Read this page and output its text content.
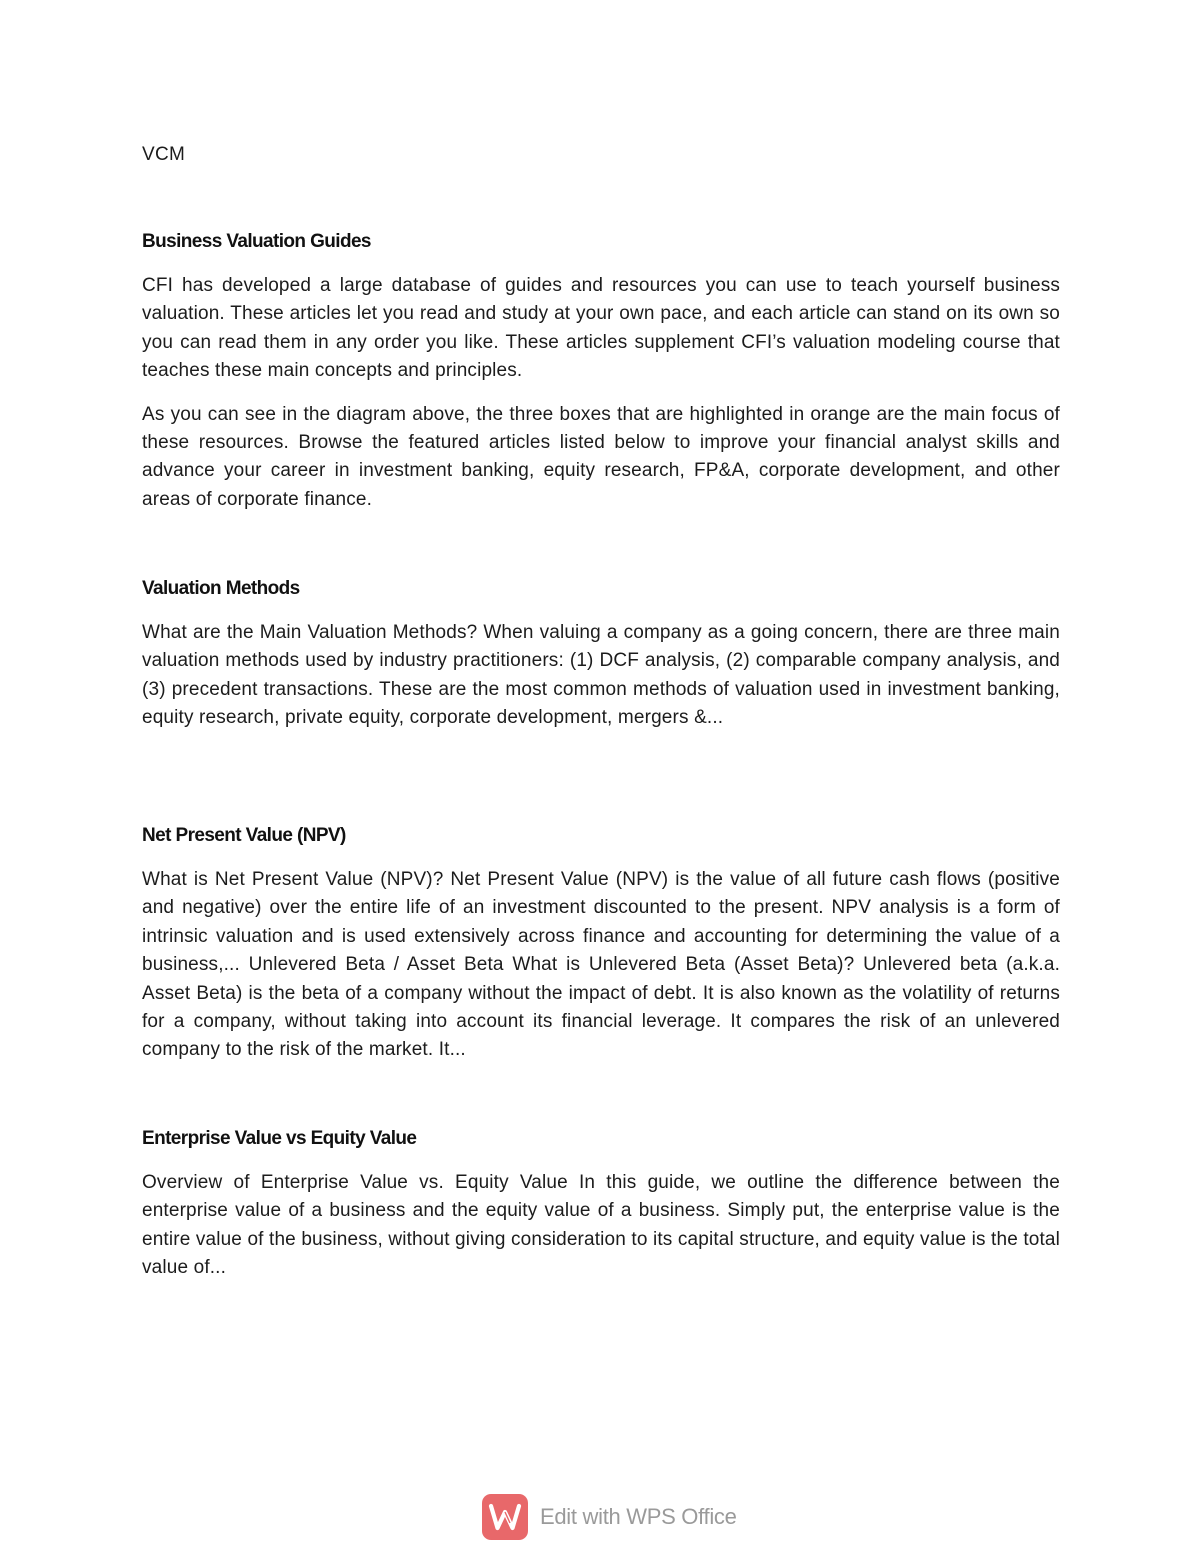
VCM
Business Valuation Guides

CFI has developed a large database of guides and resources you can use to teach yourself business valuation. These articles let you read and study at your own pace, and each article can stand on its own so you can read them in any order you like. These articles supplement CFI’s valuation modeling course that teaches these main concepts and principles.

As you can see in the diagram above, the three boxes that are highlighted in orange are the main focus of these resources. Browse the featured articles listed below to improve your financial analyst skills and advance your career in investment banking, equity research, FP&A, corporate development, and other areas of corporate finance.

Valuation Methods

What are the Main Valuation Methods? When valuing a company as a going concern, there are three main valuation methods used by industry practitioners: (1) DCF analysis, (2) comparable company analysis, and (3) precedent transactions. These are the most common methods of valuation used in investment banking, equity research, private equity, corporate development, mergers &...

Net Present Value (NPV)

What is Net Present Value (NPV)? Net Present Value (NPV) is the value of all future cash flows (positive and negative) over the entire life of an investment discounted to the present. NPV analysis is a form of intrinsic valuation and is used extensively across finance and accounting for determining the value of a business,... Unlevered Beta / Asset Beta What is Unlevered Beta (Asset Beta)? Unlevered beta (a.k.a. Asset Beta) is the beta of a company without the impact of debt. It is also known as the volatility of returns for a company, without taking into account its financial leverage. It compares the risk of an unlevered company to the risk of the market. It...

Enterprise Value vs Equity Value

Overview of Enterprise Value vs. Equity Value In this guide, we outline the difference between the enterprise value of a business and the equity value of a business. Simply put, the enterprise value is the entire value of the business, without giving consideration to its capital structure, and equity value is the total value of...

Edit with WPS Office
